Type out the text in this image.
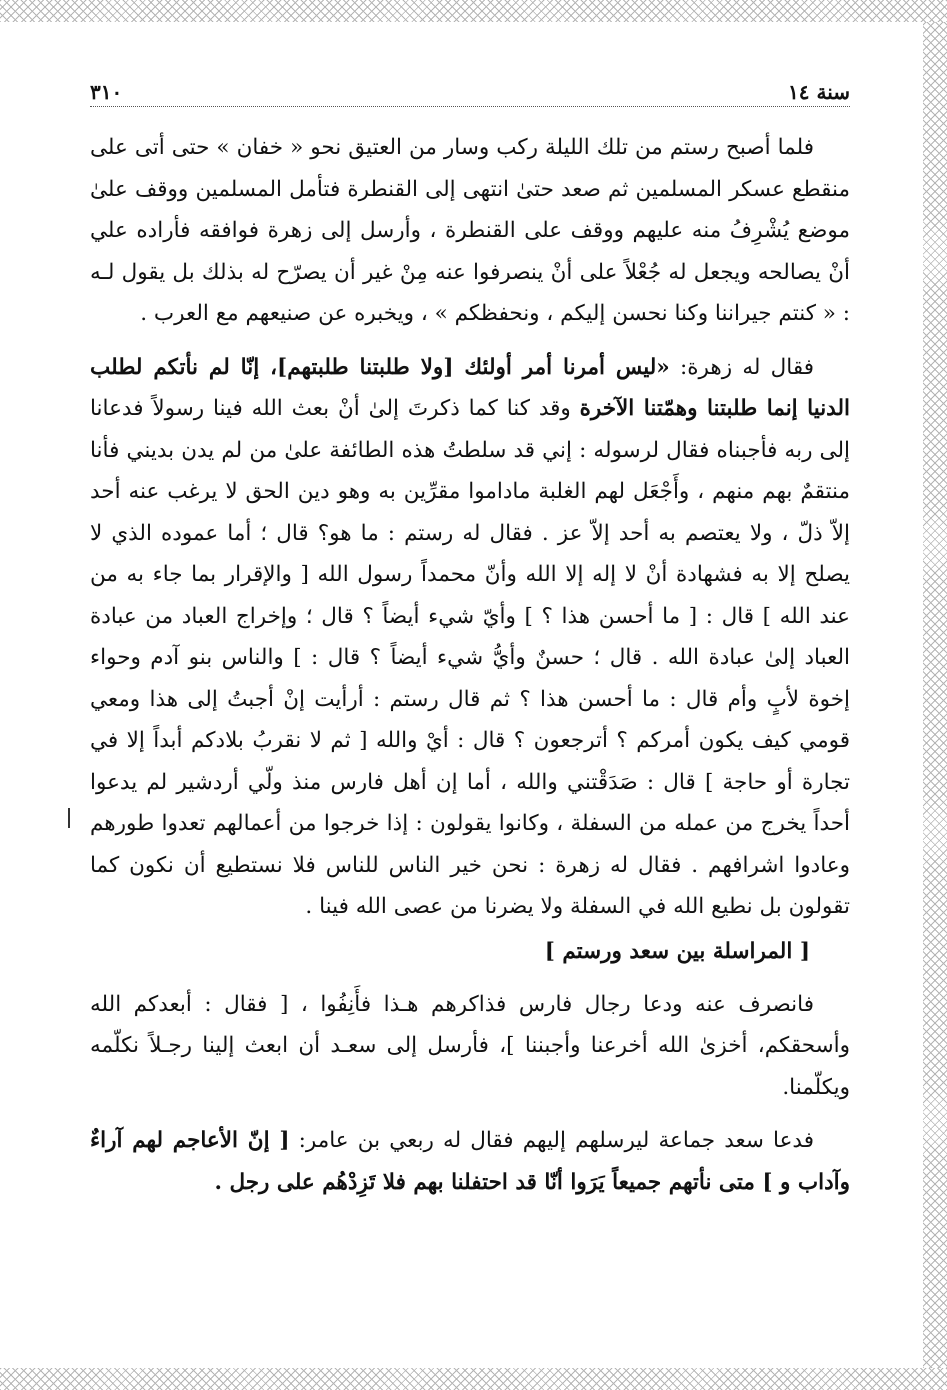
سنة ١٤
٣١٠

فلما أصبح رستم من تلك الليلة ركب وسار من العتيق نحو « خفان » حتى أتى على منقطع عسكر المسلمين ثم صعد حتىٰ انتهى إلى القنطرة فتأمل المسلمين ووقف علىٰ موضع يُشْرِفُ منه عليهم ووقف على القنطرة ، وأرسل إلى زهرة فوافقه فأراده علي أنْ يصالحه ويجعل له جُعْلاً على أنْ ينصرفوا عنه مِنْ غير أن يصرّح له بذلك بل يقول لـه : « كنتم جيراننا وكنا نحسن إليكم ، ونحفظكم » ، ويخبره عن صنيعهم مع العرب .

فقال له زهرة: «ليس أمرنا أمر أولئك [ولا طلبتنا طلبتهم]، إنّا لم نأتكم لطلب الدنيا إنما طلبتنا وهمّتنا الآخرة وقد كنا كما ذكرتَ إلىٰ أنْ بعث الله فينا رسولاً فدعانا إلى ربه فأجبناه فقال لرسوله : إني قد سلطتُ هذه الطائفة علىٰ من لم يدن بديني فأنا منتقمٌ بهم منهم ، وأَجْعَل لهم الغلبة ماداموا مقرِّين به وهو دين الحق لا يرغب عنه أحد إلاّ ذلّ ، ولا يعتصم به أحد إلاّ عز . فقال له رستم : ما هو؟ قال ؛ أما عموده الذي لا يصلح إلا به فشهادة أنْ لا إله إلا الله وأنّ محمداً رسول الله [ والإقرار بما جاء به من عند الله ] قال : [ ما أحسن هذا ؟ ] وأيّ شيء أيضاً ؟ قال ؛ وإخراج العباد من عبادة العباد إلىٰ عبادة الله . قال ؛ حسنٌ وأيُّ شيء أيضاً ؟ قال : ] والناس بنو آدم وحواء إخوة لأبٍ وأم قال : ما أحسن هذا ؟ ثم قال رستم : أرأيت إنْ أجبتُ إلى هذا ومعي قومي كيف يكون أمركم ؟ أترجعون ؟ قال : أيْ والله [ ثم لا نقربُ بلادكم أبداً إلا في تجارة أو حاجة ] قال : صَدَقْتني والله ، أما إن أهل فارس منذ ولّي أردشير لم يدعوا أحداً يخرج من عمله من السفلة ، وكانوا يقولون : إذا خرجوا من أعمالهم تعدوا طورهم وعادوا اشرافهم . فقال له زهرة : نحن خير الناس للناس فلا نستطيع أن نكون كما تقولون بل نطيع الله في السفلة ولا يضرنا من عصى الله فينا .

[ المراسلة بين سعد ورستم ]

فانصرف عنه ودعا رجال فارس فذاكرهم هـذا فأَنِفُوا ، [ فقال : أبعدكم الله وأسحقكم، أخزىٰ الله أخرعنا وأجبننا ]، فأرسل إلى سعـد أن ابعث إلينا رجـلاً نكلّمه ويكلّمنا.

فدعا سعد جماعة ليرسلهم إليهم فقال له ربعي بن عامر: [ إنّ الأعاجم لهم آراءٌ وآداب و ] متى نأتهم جميعاً يَرَوا أنّا قد احتفلنا بهم فلا تَزِدْهُم على رجل .
